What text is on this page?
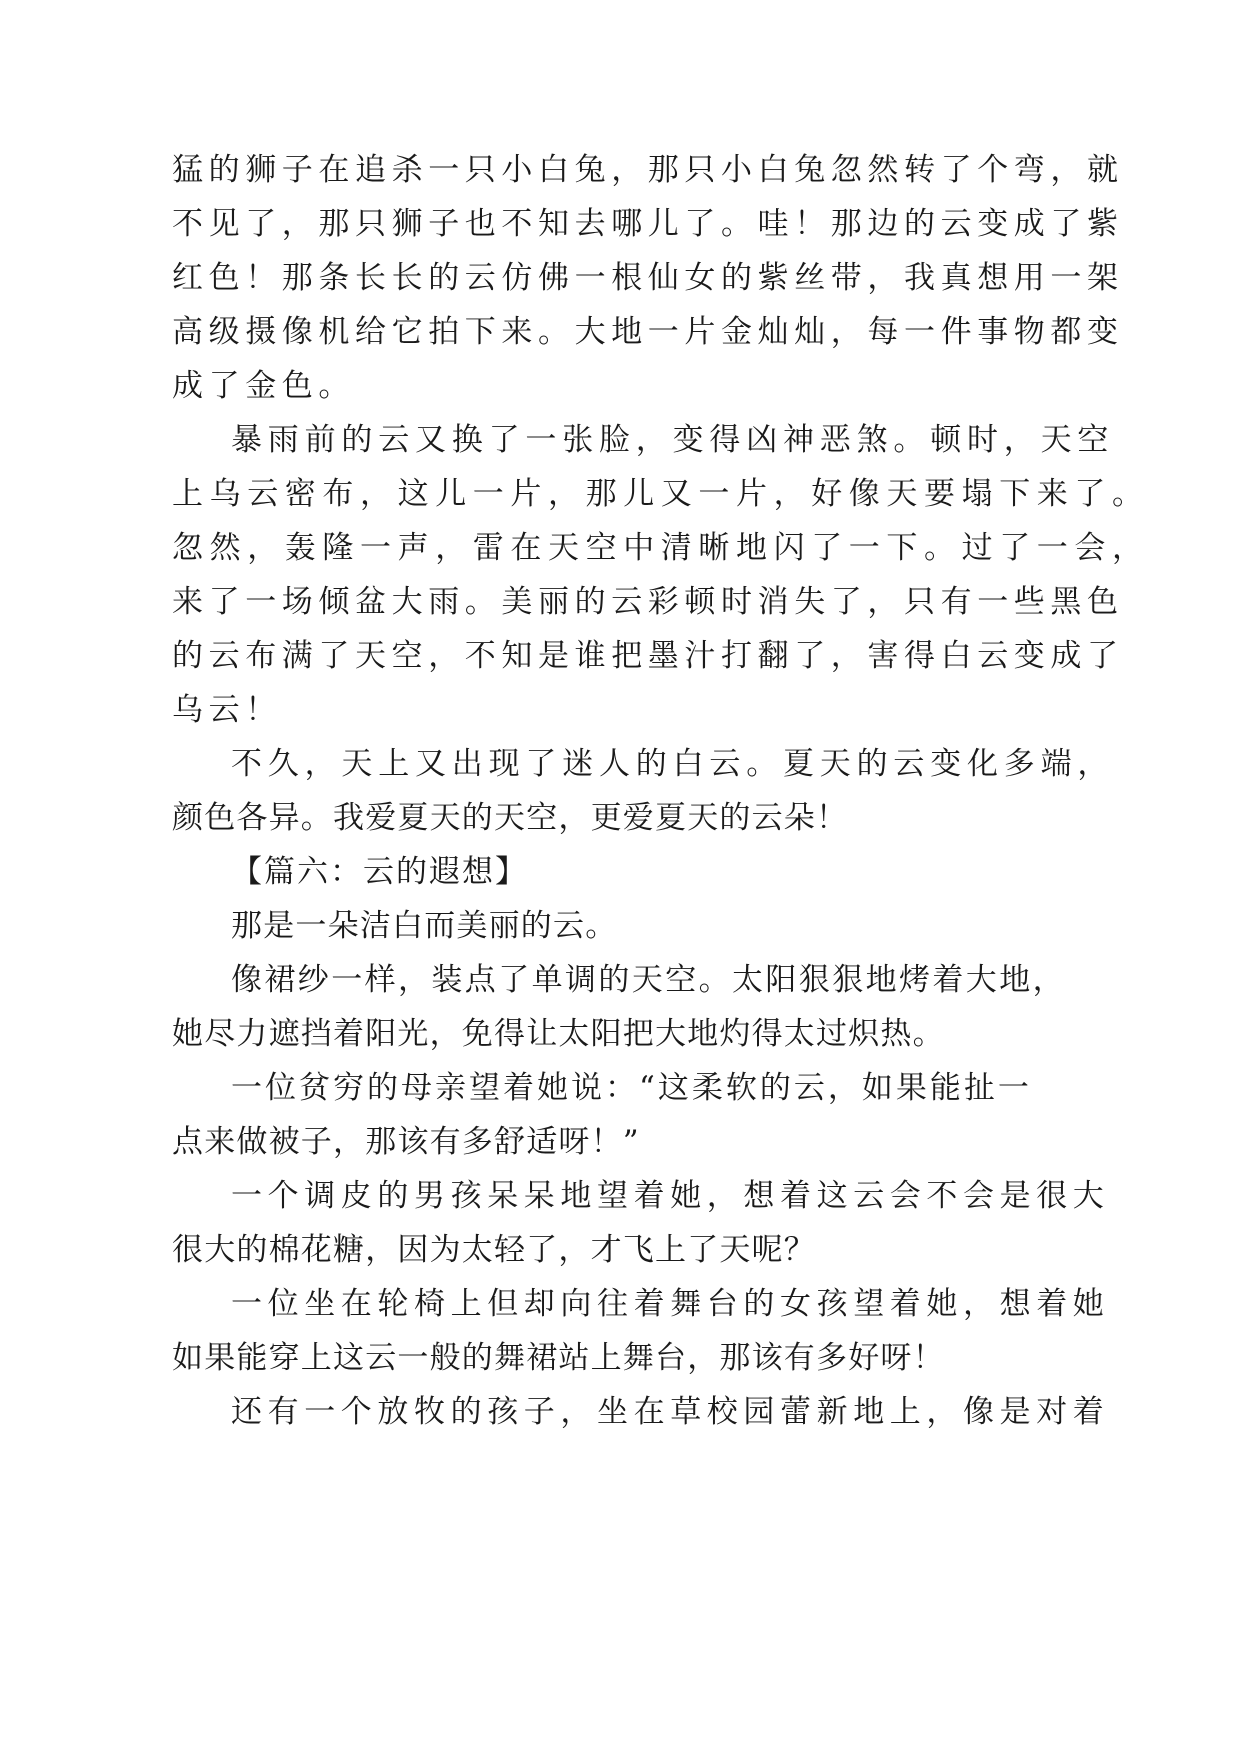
猛的狮子在追杀一只小白兔，那只小白兔忽然转了个弯，就
不见了，那只狮子也不知去哪儿了。哇！那边的云变成了紫
红色！那条长长的云仿佛一根仙女的紫丝带，我真想用一架
高级摄像机给它拍下来。大地一片金灿灿，每一件事物都变
成了金色。
暴雨前的云又换了一张脸，变得凶神恶煞。顿时，天空
上乌云密布，这儿一片，那儿又一片，好像天要塌下来了。
忽然，轰隆一声，雷在天空中清晰地闪了一下。过了一会，
来了一场倾盆大雨。美丽的云彩顿时消失了，只有一些黑色
的云布满了天空，不知是谁把墨汁打翻了，害得白云变成了
乌云！
不久，天上又出现了迷人的白云。夏天的云变化多端，
颜色各异。我爱夏天的天空，更爱夏天的云朵！
【篇六：云的遐想】
那是一朵洁白而美丽的云。
像裙纱一样，装点了单调的天空。太阳狠狠地烤着大地，
她尽力遮挡着阳光，免得让太阳把大地灼得太过炽热。
一位贫穷的母亲望着她说：“这柔软的云，如果能扯一
点来做被子，那该有多舒适呀！”
一个调皮的男孩呆呆地望着她，想着这云会不会是很大
很大的棉花糖，因为太轻了，才飞上了天呢？
一位坐在轮椅上但却向往着舞台的女孩望着她，想着她
如果能穿上这云一般的舞裙站上舞台，那该有多好呀！
还有一个放牧的孩子，坐在草校园蕾新地上，像是对着
